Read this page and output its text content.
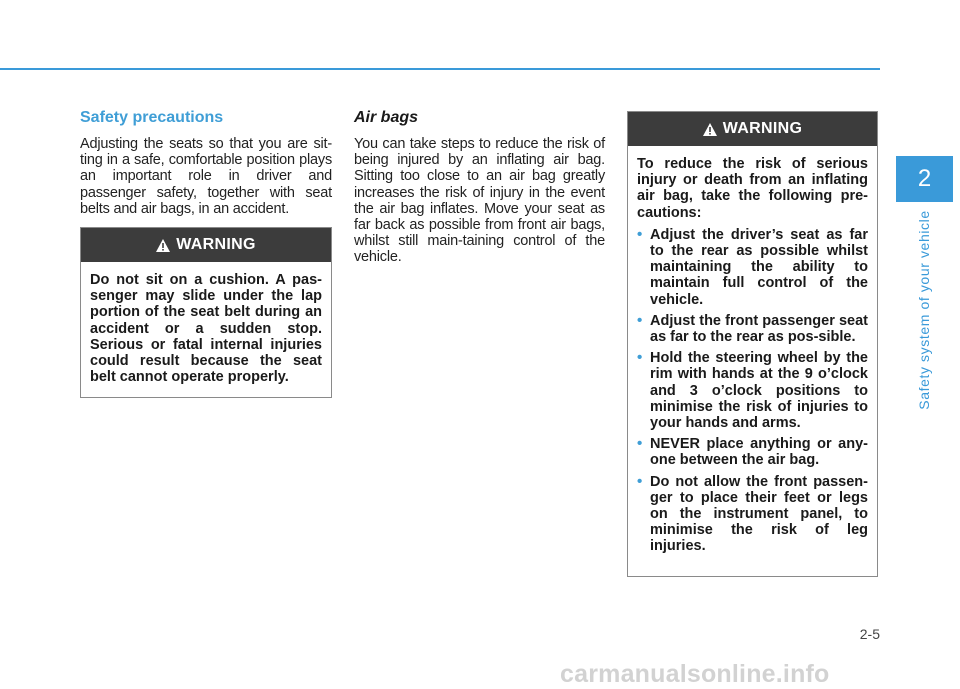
Safety precautions

Adjusting the seats so that you are sit-ting in a safe, comfortable position plays an important role in driver and passenger safety, together with seat belts and air bags, in an accident.

WARNING
Do not sit on a cushion. A pas-senger may slide under the lap portion of the seat belt during an accident or a sudden stop. Serious or fatal internal injuries could result because the seat belt cannot operate properly.
Air bags

You can take steps to reduce the risk of being injured by an inflating air bag. Sitting too close to an air bag greatly increases the risk of injury in the event the air bag inflates. Move your seat as far back as possible from front air bags, whilst still main-taining control of the vehicle.

WARNING
To reduce the risk of serious injury or death from an inflating air bag, take the following pre-cautions:
• Adjust the driver’s seat as far to the rear as possible whilst maintaining the ability to maintain full control of the vehicle.
• Adjust the front passenger seat as far to the rear as pos-sible.
• Hold the steering wheel by the rim with hands at the 9 o’clock and 3 o’clock positions to minimise the risk of injuries to your hands and arms.
• NEVER place anything or any-one between the air bag.
• Do not allow the front passen-ger to place their feet or legs on the instrument panel, to minimise the risk of leg injuries.
2
Safety system of your vehicle
2-5
carmanualsonline.info
